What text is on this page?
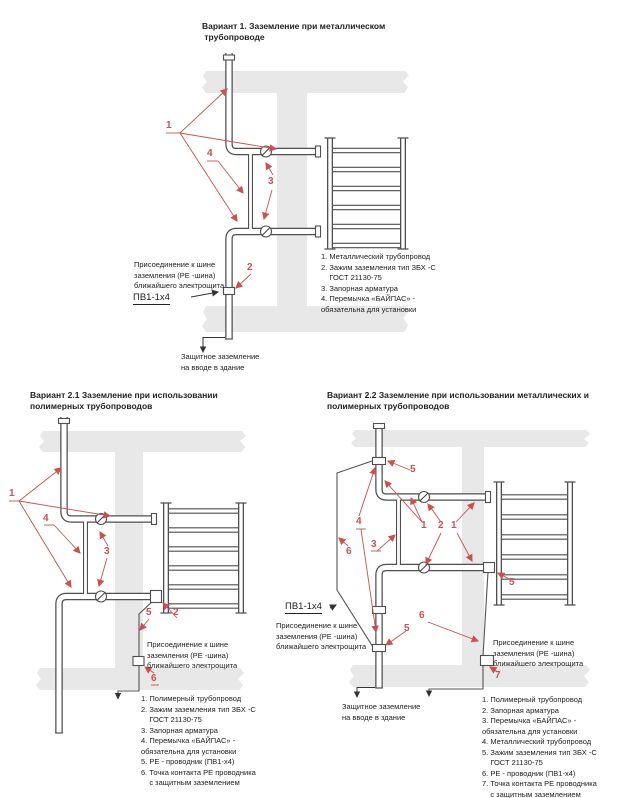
Вариант 1. Заземление при металлическом
трубопроводе
1. Металлический трубопровод
2. Зажим заземления тип ЗБХ -С
ГОСТ 21130-75
3. Запорная арматура
4. Перемычка «БАЙПАС» -
обязательна для установки
Присоединение к шине
заземления (РЕ -шина)
ближайшего электрощита
ПВ1-1х4
Защитное заземление
на вводе в здание
1
4
3
2
Вариант 2.1 Заземление при использовании
полимерных трубопроводов
1. Полимерный трубопровод
2. Зажим заземления тип ЗБХ -С
ГОСТ 21130-75
3. Запорная арматура
4. Перемычка «БАЙПАС» -
обязательна для установки
5. РЕ - проводник (ПВ1-х4)
6. Точка контакта РЕ проводника
с защитным заземлением
Присоединение к шине
заземления (РЕ -шина)
ближайшего электрощита
1
4
3
5 2
6
Вариант 2.2 Заземление при использовании металлических и
полимерных трубопроводов
1. Полимерный трубопровод
2. Запорная арматура
3. Перемычка «БАЙПАС» -
обязательна для установки
4. Металлический трубопровод
5. Зажим заземления тип ЗБХ -С
ГОСТ 21130-75
6. РЕ - проводник (ПВ1-х4)
7. Точка контакта РЕ проводника
с защитным заземлением
Присоединение к шине
заземления (РЕ -шина)
ближайшего электрощита	Присоединение к шине
заземления (РЕ -шина)
ближайшего электрощита
ПВ1-1х4
Защитное заземление
на вводе в здание
5
4
3
1 2 1
5
6
5
6
7
